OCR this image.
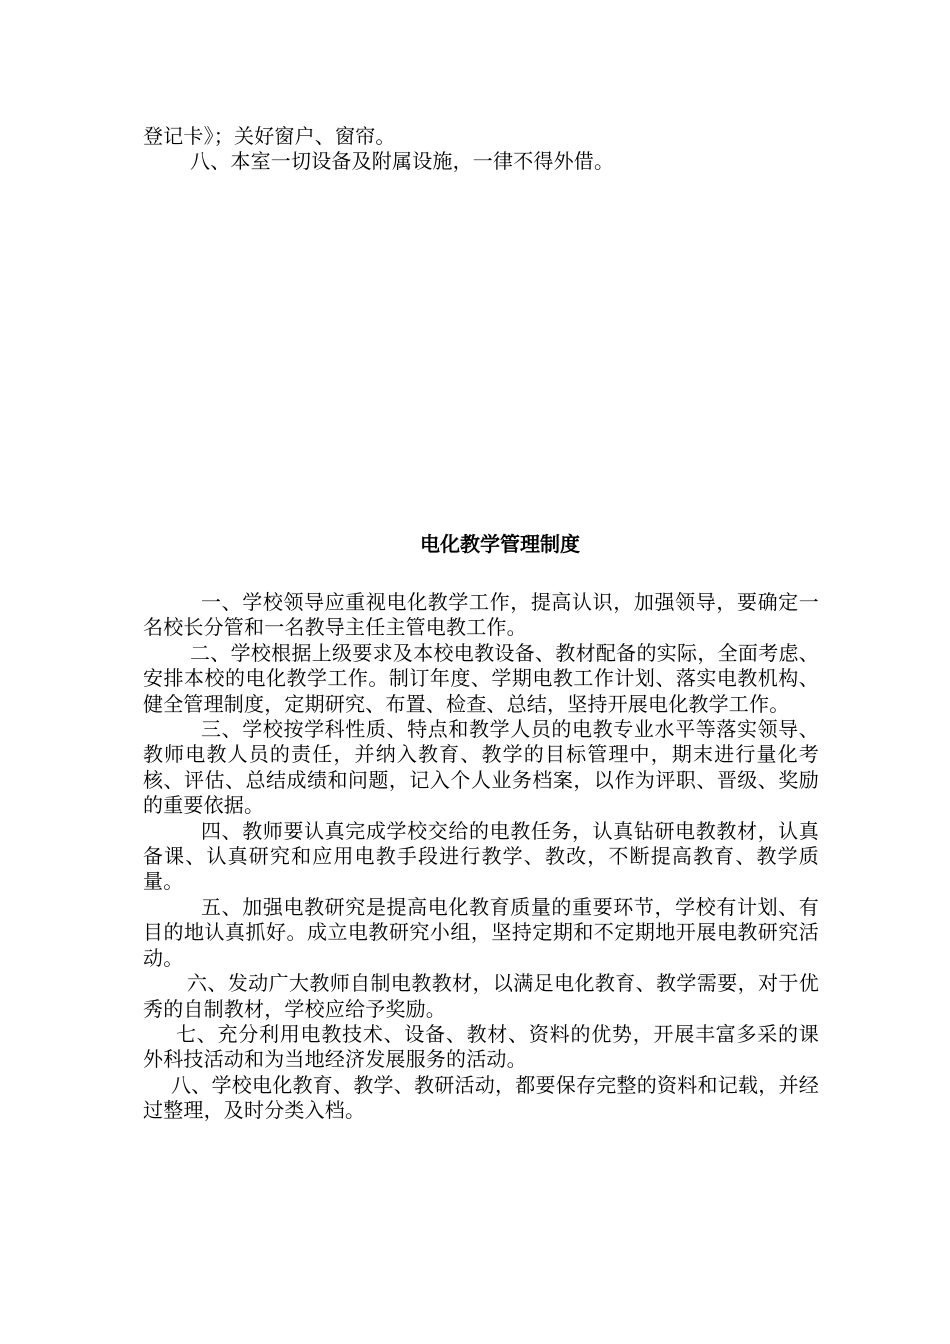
登记卡》；关好窗户、窗帘。

八、本室一切设备及附属设施，一律不得外借。

电化教学管理制度

一、学校领导应重视电化教学工作，提高认识，加强领导，要确定一名校长分管和一名教导主任主管电教工作。

二、学校根据上级要求及本校电教设备、教材配备的实际，全面考虑、安排本校的电化教学工作。制订年度、学期电教工作计划、落实电教机构、健全管理制度，定期研究、布置、检查、总结，坚持开展电化教学工作。

三、学校按学科性质、特点和教学人员的电教专业水平等落实领导、教师电教人员的责任，并纳入教育、教学的目标管理中，期末进行量化考核、评估、总结成绩和问题，记入个人业务档案，以作为评职、晋级、奖励的重要依据。

四、教师要认真完成学校交给的电教任务，认真钻研电教教材，认真备课、认真研究和应用电教手段进行教学、教改，不断提高教育、教学质量。

五、加强电教研究是提高电化教育质量的重要环节，学校有计划、有目的地认真抓好。成立电教研究小组，坚持定期和不定期地开展电教研究活动。

六、发动广大教师自制电教教材，以满足电化教育、教学需要，对于优秀的自制教材，学校应给予奖励。

七、充分利用电教技术、设备、教材、资料的优势，开展丰富多采的课外科技活动和为当地经济发展服务的活动。

八、学校电化教育、教学、教研活动，都要保存完整的资料和记载，并经过整理，及时分类入档。
